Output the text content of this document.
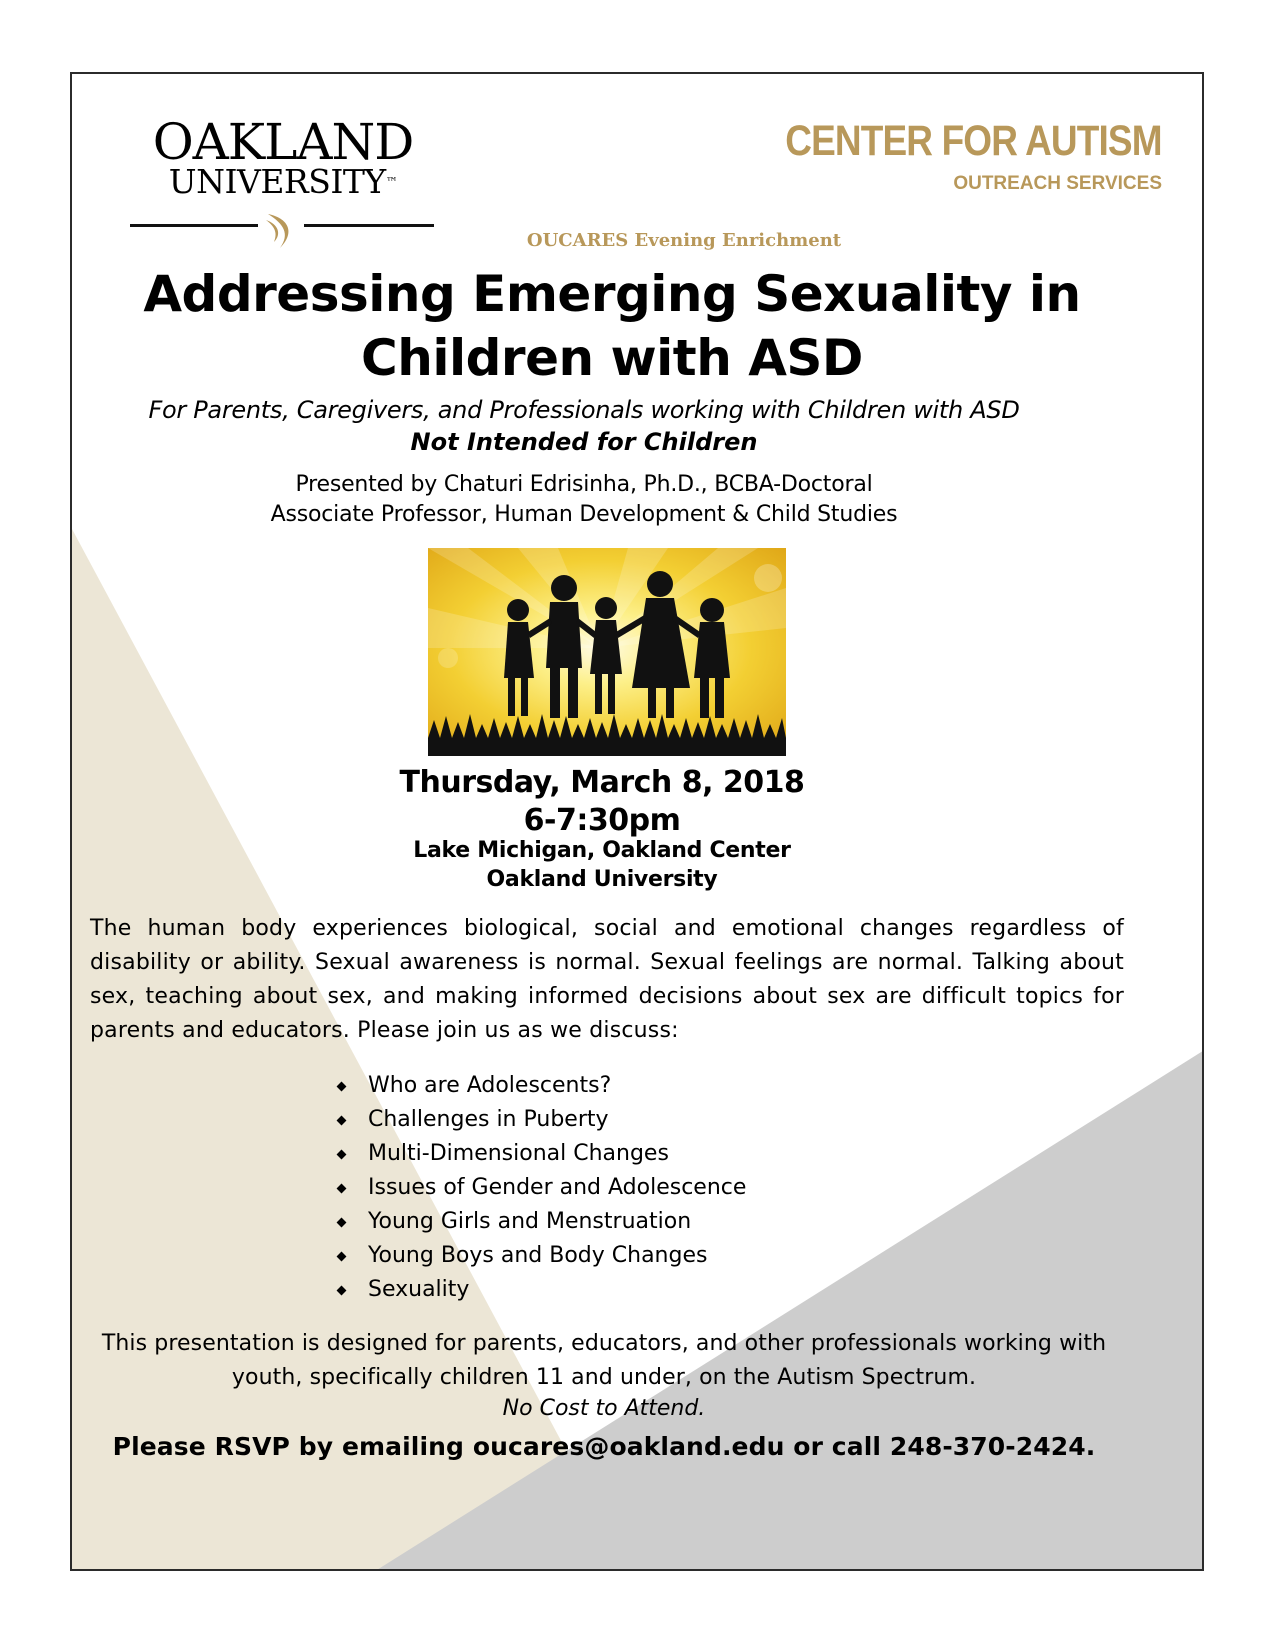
OAKLAND
UNIVERSITY™
CENTER FOR AUTISM
OUTREACH SERVICES
OUCARES Evening Enrichment
Addressing Emerging Sexuality in
Children with ASD
For Parents, Caregivers, and Professionals working with Children with ASD
Not Intended for Children
Presented by Chaturi Edrisinha, Ph.D., BCBA-Doctoral
Associate Professor, Human Development & Child Studies
Thursday, March 8, 2018
6-7:30pm
Lake Michigan, Oakland Center
Oakland University
The human body experiences biological, social and emotional changes regardless of disability or ability. Sexual awareness is normal. Sexual feelings are normal. Talking about sex, teaching about sex, and making informed decisions about sex are difficult topics for parents and educators. Please join us as we discuss:
Who are Adolescents?
Challenges in Puberty
Multi-Dimensional Changes
Issues of Gender and Adolescence
Young Girls and Menstruation
Young Boys and Body Changes
Sexuality
This presentation is designed for parents, educators, and other professionals working with
youth, specifically children 11 and under, on the Autism Spectrum.
No Cost to Attend.
Please RSVP by emailing oucares@oakland.edu or call 248-370-2424.
